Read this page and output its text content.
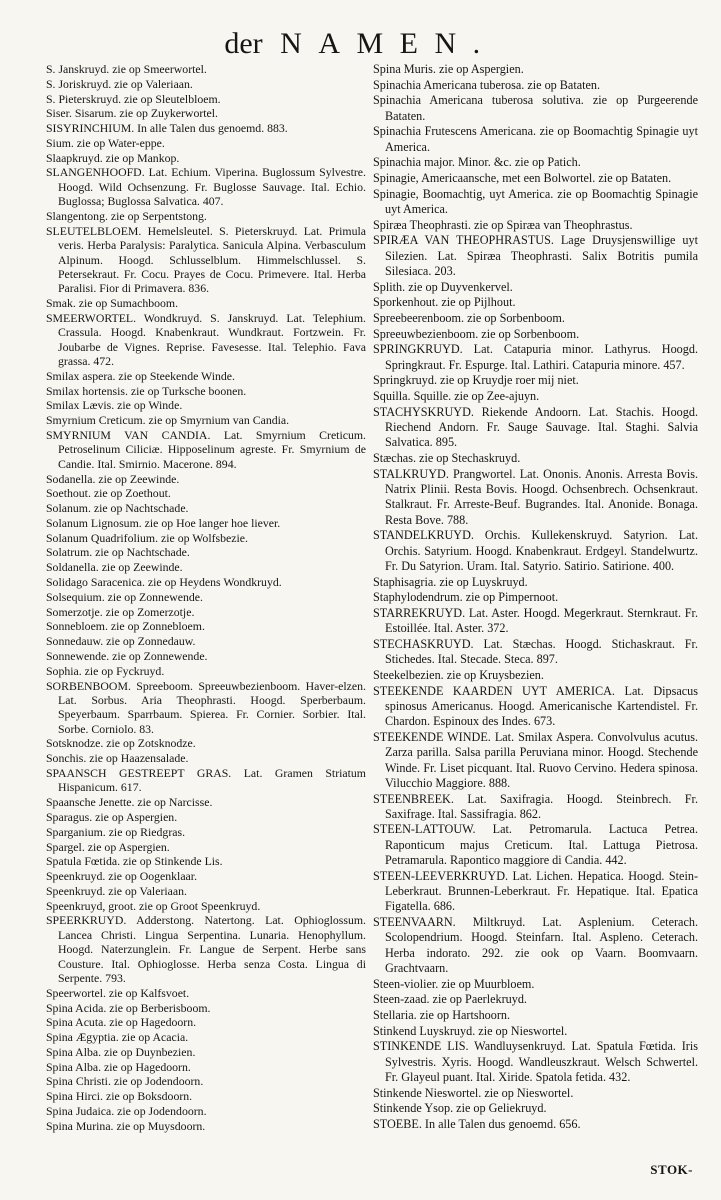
der NAMEN.

S. Janskruyd. zie op Smeerwortel.

S. Joriskruyd. zie op Valeriaan.

S. Pieterskruyd. zie op Sleutelbloem.

Siser. Sisarum. zie op Zuykerwortel.

SISYRINCHIUM. In alle Talen dus genoemd. 883.

Sium. zie op Water-eppe.

Slaapkruyd. zie op Mankop.

SLANGENHOOFD. Lat. Echium. Viperina. Buglossum Sylvestre. Hoogd. Wild Ochsenzung. Fr. Buglosse Sauvage. Ital. Echio. Buglossa; Buglossa Salvatica. 407.

Slangentong. zie op Serpentstong.

SLEUTELBLOEM. Hemelsleutel. S. Pieterskruyd. Lat. Primula veris. Herba Paralysis: Paralytica. Sanicula Alpina. Verbasculum Alpinum. Hoogd. Schlusselblum. Himmelschlussel. S. Petersekraut. Fr. Cocu. Prayes de Cocu. Primevere. Ital. Herba Paralisi. Fior di Primavera. 836.

Smak. zie op Sumachboom.

SMEERWORTEL. Wondkruyd. S. Janskruyd. Lat. Telephium. Crassula. Hoogd. Knabenkraut. Wundkraut. Fortzwein. Fr. Joubarbe de Vignes. Reprise. Favesesse. Ital. Telephio. Fava grassa. 472.

Smilax aspera. zie op Steekende Winde.

Smilax hortensis. zie op Turksche boonen.

Smilax Lævis. zie op Winde.

Smyrnium Creticum. zie op Smyrnium van Candia.

SMYRNIUM VAN CANDIA. Lat. Smyrnium Creticum. Petroselinum Ciliciæ. Hipposelinum agreste. Fr. Smyrnium de Candie. Ital. Smirnio. Macerone. 894.

Sodanella. zie op Zeewinde.

Soethout. zie op Zoethout.

Solanum. zie op Nachtschade.

Solanum Lignosum. zie op Hoe langer hoe liever.

Solanum Quadrifolium. zie op Wolfsbezie.

Solatrum. zie op Nachtschade.

Soldanella. zie op Zeewinde.

Solidago Saracenica. zie op Heydens Wondkruyd.

Solsequium. zie op Zonnewende.

Somerzotje. zie op Zomerzotje.

Sonnebloem. zie op Zonnebloem.

Sonnedauw. zie op Zonnedauw.

Sonnewende. zie op Zonnewende.

Sophia. zie op Fyckruyd.

SORBENBOOM. Spreeboom. Spreeuwbezienboom. Haver-elzen. Lat. Sorbus. Aria Theophrasti. Hoogd. Sperberbaum. Speyerbaum. Sparrbaum. Spierea. Fr. Cornier. Sorbier. Ital. Sorbe. Corniolo. 83.

Sotsknodze. zie op Zotsknodze.

Sonchis. zie op Haazensalade.

SPAANSCH GESTREEPT GRAS. Lat. Gramen Striatum Hispanicum. 617.

Spaansche Jenette. zie op Narcisse.

Sparagus. zie op Aspergien.

Sparganium. zie op Riedgras.

Spargel. zie op Aspergien.

Spatula Fœtida. zie op Stinkende Lis.

Speenkruyd. zie op Oogenklaar.

Speenkruyd. zie op Valeriaan.

Speenkruyd, groot. zie op Groot Speenkruyd.

SPEERKRUYD. Adderstong. Natertong. Lat. Ophioglossum. Lancea Christi. Lingua Serpentina. Lunaria. Henophyllum. Hoogd. Naterzunglein. Fr. Langue de Serpent. Herbe sans Cousture. Ital. Ophioglosse. Herba senza Costa. Lingua di Serpente. 793.

Speerwortel. zie op Kalfsvoet.

Spina Acida. zie op Berberisboom.

Spina Acuta. zie op Hagedoorn.

Spina Ægyptia. zie op Acacia.

Spina Alba. zie op Duynbezien.

Spina Alba. zie op Hagedoorn.

Spina Christi. zie op Jodendoorn.

Spina Hirci. zie op Boksdoorn.

Spina Judaica. zie op Jodendoorn.

Spina Murina. zie op Muysdoorn.

Spina Muris. zie op Aspergien.

Spinachia Americana tuberosa. zie op Bataten.

Spinachia Americana tuberosa solutiva. zie op Purgeerende Bataten.

Spinachia Frutescens Americana. zie op Boomachtig Spinagie uyt America.

Spinachia major. Minor. &c. zie op Patich.

Spinagie, Americaansche, met een Bolwortel. zie op Bataten.

Spinagie, Boomachtig, uyt America. zie op Boomachtig Spinagie uyt America.

Spiræa Theophrasti. zie op Spiræa van Theophrastus.

SPIRÆA VAN THEOPHRASTUS. Lage Druysjenswillige uyt Silezien. Lat. Spiræa Theophrasti. Salix Botritis pumila Silesiaca. 203.

Splith. zie op Duyvenkervel.

Sporkenhout. zie op Pijlhout.

Spreebeerenboom. zie op Sorbenboom.

Spreeuwbezienboom. zie op Sorbenboom.

SPRINGKRUYD. Lat. Catapuria minor. Lathyrus. Hoogd. Springkraut. Fr. Espurge. Ital. Lathiri. Catapuria minore. 457.

Springkruyd. zie op Kruydje roer mij niet.

Squilla. Squille. zie op Zee-ajuyn.

STACHYSKRUYD. Riekende Andoorn. Lat. Stachis. Hoogd. Riechend Andorn. Fr. Sauge Sauvage. Ital. Staghi. Salvia Salvatica. 895.

Stæchas. zie op Stechaskruyd.

STALKRUYD. Prangwortel. Lat. Ononis. Anonis. Arresta Bovis. Natrix Plinii. Resta Bovis. Hoogd. Ochsenbrech. Ochsenkraut. Stalkraut. Fr. Arreste-Beuf. Bugrandes. Ital. Anonide. Bonaga. Resta Bove. 788.

STANDELKRUYD. Orchis. Kullekenskruyd. Satyrion. Lat. Orchis. Satyrium. Hoogd. Knabenkraut. Erdgeyl. Standelwurtz. Fr. Du Satyrion. Uram. Ital. Satyrio. Satirio. Satirione. 400.

Staphisagria. zie op Luyskruyd.

Staphylodendrum. zie op Pimpernoot.

STARREKRUYD. Lat. Aster. Hoogd. Megerkraut. Sternkraut. Fr. Estoillée. Ital. Aster. 372.

STECHASKRUYD. Lat. Stæchas. Hoogd. Stichaskraut. Fr. Stichedes. Ital. Stecade. Steca. 897.

Steekelbezien. zie op Kruysbezien.

STEEKENDE KAARDEN UYT AMERICA. Lat. Dipsacus spinosus Americanus. Hoogd. Americanische Kartendistel. Fr. Chardon. Espinoux des Indes. 673.

STEEKENDE WINDE. Lat. Smilax Aspera. Convolvulus acutus. Zarza parilla. Salsa parilla Peruviana minor. Hoogd. Stechende Winde. Fr. Liset picquant. Ital. Ruovo Cervino. Hedera spinosa. Vilucchio Maggiore. 888.

STEENBREEK. Lat. Saxifragia. Hoogd. Steinbrech. Fr. Saxifrage. Ital. Sassifragia. 862.

STEEN-LATTOUW. Lat. Petromarula. Lactuca Petrea. Raponticum majus Creticum. Ital. Lattuga Pietrosa. Petramarula. Rapontico maggiore di Candia. 442.

STEEN-LEEVERKRUYD. Lat. Lichen. Hepatica. Hoogd. Stein-Leberkraut. Brunnen-Leberkraut. Fr. Hepatique. Ital. Epatica Figatella. 686.

STEENVAARN. Miltkruyd. Lat. Asplenium. Ceterach. Scolopendrium. Hoogd. Steinfarn. Ital. Aspleno. Ceterach. Herba indorato. 292. zie ook op Vaarn. Boomvaarn. Grachtvaarn.

Steen-violier. zie op Muurbloem.

Steen-zaad. zie op Paerlekruyd.

Stellaria. zie op Hartshoorn.

Stinkend Luyskruyd. zie op Nieswortel.

STINKENDE LIS. Wandluysenkruyd. Lat. Spatula Fœtida. Iris Sylvestris. Xyris. Hoogd. Wandleuszkraut. Welsch Schwertel. Fr. Glayeul puant. Ital. Xiride. Spatola fetida. 432.

Stinkende Nieswortel. zie op Nieswortel.

Stinkende Ysop. zie op Geliekruyd.

STOEBE. In alle Talen dus genoemd. 656.

STOK-
